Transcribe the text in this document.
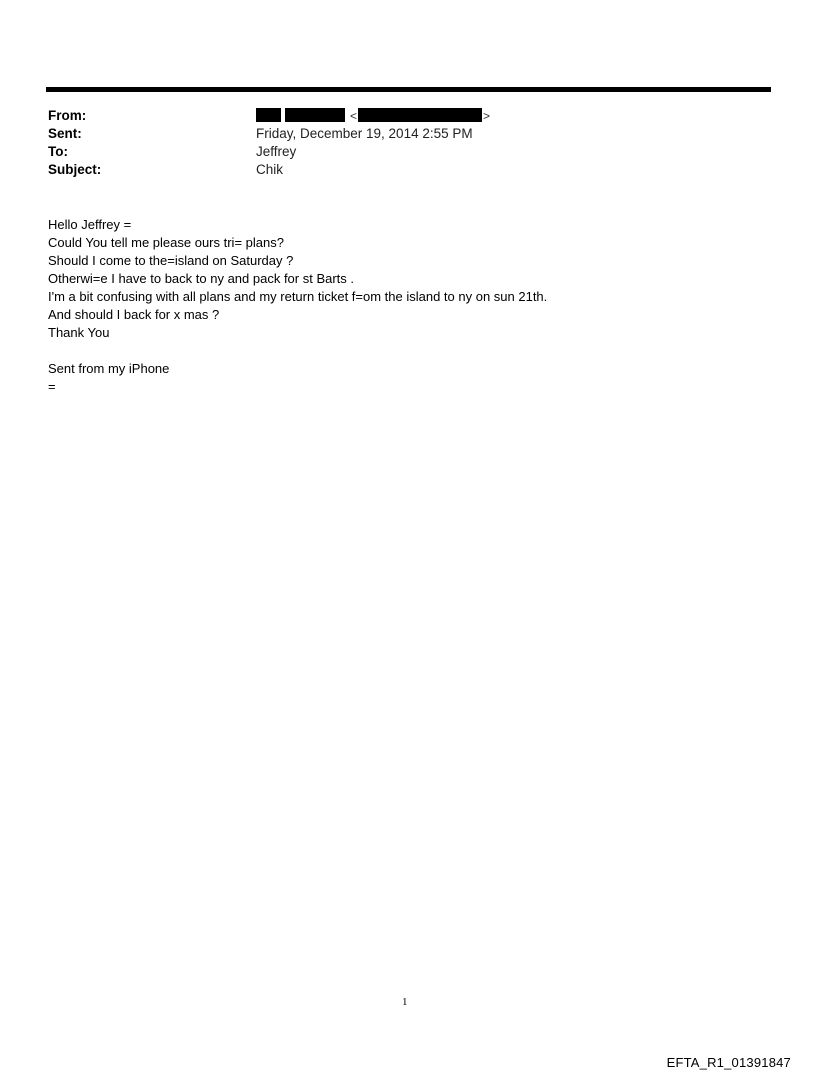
From:	<	>
Sent:	Friday, December 19, 2014 2:55 PM
To:	Jeffrey
Subject:	Chik
Hello Jeffrey =
Could You tell me please ours tri= plans?
Should I come to the=island on Saturday ?
Otherwi=e I have to back to ny and pack for st Barts .
I'm a bit confusing with all plans and my return ticket f=om the island to ny on sun 21th.
And should I back for x mas ?
Thank You
Sent from my iPhone
=
1
EFTA_R1_01391847
